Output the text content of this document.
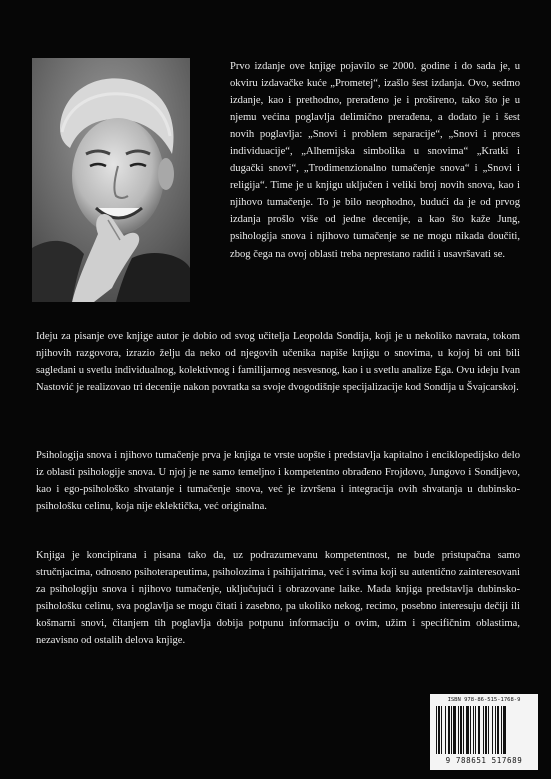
Prvo izdanje ove knjige pojavilo se 2000. godine i do sada je, u okviru izdavačke kuće „Prometej“, izašlo šest izdanja. Ovo, sedmo izdanje, kao i prethodno, prerađeno je i prošireno, tako što je u njemu većina poglavlja delimično prerađena, a dodato je i šest novih poglavlja: „Snovi i problem separacije“, „Snovi i proces individuacije“, „Alhemijska simbolika u snovima“ „Kratki i dugački snovi“, „Trodimenzionalno tumačenje snova“ i „Snovi i religija“. Time je u knjigu uključen i veliki broj novih snova, kao i njihovo tumačenje. To je bilo neophodno, budući da je od prvog izdanja prošlo više od jedne decenije, a kao što kaže Jung, psihologija snova i njihovo tumačenje se ne mogu nikada doučiti, zbog čega na ovoj oblasti treba neprestano raditi i usavršavati se.
Ideju za pisanje ove knjige autor je dobio od svog učitelja Leopolda Sondija, koji je u nekoliko navrata, tokom njihovih razgovora, izrazio želju da neko od njegovih učenika napiše knjigu o snovima, u kojoj bi oni bili sagledani u svetlu individualnog, kolektivnog i familijarnog nesvesnog, kao i u svetlu analize Ega. Ovu ideju Ivan Nastović je realizovao tri decenije nakon povratka sa svoje dvogodišnje specijalizacije kod Sondija u Švajcarskoj.
Psihologija snova i njihovo tumačenje prva je knjiga te vrste uopšte i predstavlja kapitalno i enciklopedijsko delo iz oblasti psihologije snova. U njoj je ne samo temeljno i kompetentno obrađeno Frojdovo, Jungovo i Sondijevo, kao i ego-psihološko shvatanje i tumačenje snova, već je izvršena i integracija ovih shvatanja u dubinsko-psihološku celinu, koja nije eklektička, već originalna.
Knjiga je koncipirana i pisana tako da, uz podrazumevanu kompetentnost, ne bude pristupačna samo stručnjacima, odnosno psihoterapeutima, psiholozima i psihijatrima, već i svima koji su autentično zainteresovani za psihologiju snova i njihovo tumačenje, uključujući i obrazovane laike. Mada knjiga predstavlja dubinsko-psihološku celinu, sva poglavlja se mogu čitati i zasebno, pa ukoliko nekog, recimo, posebno interesuju dečiji ili košmarni snovi, čitanjem tih poglavlja dobija potpunu informaciju o ovim, užim i specifičnim oblastima, nezavisno od ostalih delova knjige.
ISBN 978-86-515-1768-9
9 788651 517689
